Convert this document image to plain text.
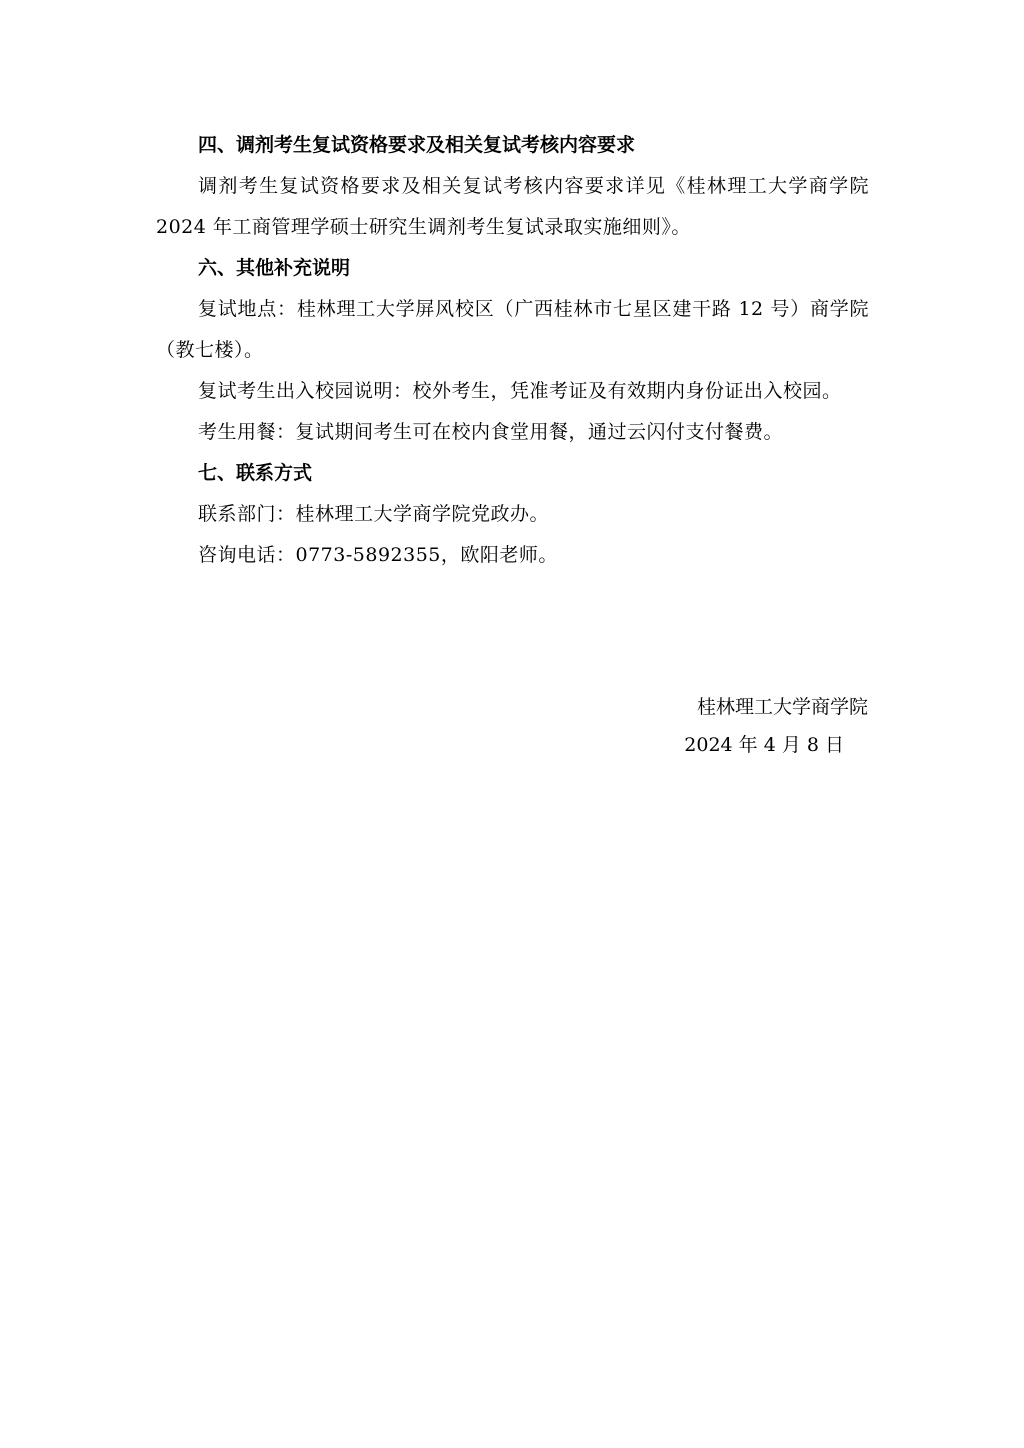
四、调剂考生复试资格要求及相关复试考核内容要求

调剂考生复试资格要求及相关复试考核内容要求详见《桂林理工大学商学院 2024 年工商管理学硕士研究生调剂考生复试录取实施细则》。

六、其他补充说明

复试地点：桂林理工大学屏风校区（广西桂林市七星区建干路 12 号）商学院（教七楼）。

复试考生出入校园说明：校外考生，凭准考证及有效期内身份证出入校园。

考生用餐：复试期间考生可在校内食堂用餐，通过云闪付支付餐费。

七、联系方式

联系部门：桂林理工大学商学院党政办。

咨询电话：0773-5892355，欧阳老师。

桂林理工大学商学院
2024 年 4 月 8 日
